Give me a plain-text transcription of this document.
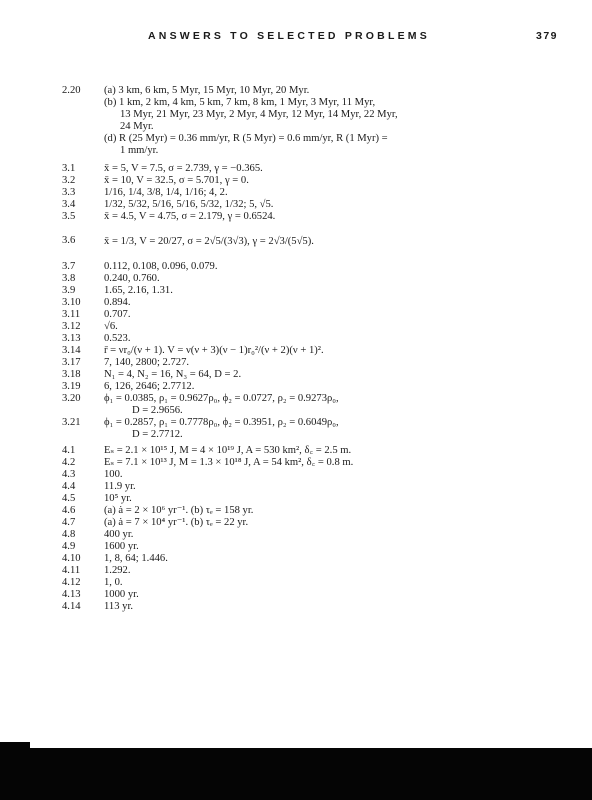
ANSWERS TO SELECTED PROBLEMS	379
2.20 (a) 3 km, 6 km, 5 Myr, 15 Myr, 10 Myr, 20 Myr.
(b) 1 km, 2 km, 4 km, 5 km, 7 km, 8 km, 1 Myr, 3 Myr, 11 Myr,
13 Myr, 21 Myr, 23 Myr, 2 Myr, 4 Myr, 12 Myr, 14 Myr, 22 Myr,
24 Myr.
(d) R (25 Myr) = 0.36 mm/yr, R (5 Myr) = 0.6 mm/yr, R (1 Myr) =
1 mm/yr.
3.1	x̄ = 5, V = 7.5, σ = 2.739, γ = −0.365.
3.2	x̄ = 10, V = 32.5, σ = 5.701, γ = 0.
3.3	1/16, 1/4, 3/8, 1/4, 1/16; 4, 2.
3.4	1/32, 5/32, 5/16, 5/16, 5/32, 1/32; 5, √5.
3.5	x̄ = 4.5, V = 4.75, σ = 2.179, γ = 0.6524.
3.6	x̄ = 1/3, V = 20/27, σ = 2√5/(3√3), γ = 2√3/(5√5).
3.7	0.112, 0.108, 0.096, 0.079.
3.8	0.240, 0.760.
3.9	1.65, 2.16, 1.31.
3.10 0.894.
3.11 0.707.
3.12 √6.
3.13 0.523.
3.14 r̄ = νr₀/(ν + 1). V = ν(ν + 3)(ν − 1)r₀²/(ν + 2)(ν + 1)².
3.17 7, 140, 2800; 2.727.
3.18 N₁ = 4, N₂ = 16, N₃ = 64, D = 2.
3.19 6, 126, 2646; 2.7712.
3.20 ϕ₁ = 0.0385, ρ₁ = 0.9627ρ₀, ϕ₂ = 0.0727, ρ₂ = 0.9273ρ₀,
D = 2.9656.
3.21 ϕ₁ = 0.2857, ρ₁ = 0.7778ρ₀, ϕ₂ = 0.3951, ρ₂ = 0.6049ρ₀,
D = 2.7712.
4.1	Eₛ = 2.1 × 10¹⁵ J, M = 4 × 10¹⁹ J, A = 530 km², δ꜀ = 2.5 m.
4.2	Eₛ = 7.1 × 10¹³ J, M = 1.3 × 10¹⁸ J, A = 54 km², δ꜀ = 0.8 m.
4.3	100.
4.4	11.9 yr.
4.5	10⁵ yr.
4.6	(a) ȧ = 2 × 10⁶ yr⁻¹. (b) τₑ = 158 yr.
4.7	(a) ȧ = 7 × 10⁴ yr⁻¹. (b) τₑ = 22 yr.
4.8	400 yr.
4.9	1600 yr.
4.10 1, 8, 64; 1.446.
4.11 1.292.
4.12 1, 0.
4.13 1000 yr.
4.14 113 yr.
